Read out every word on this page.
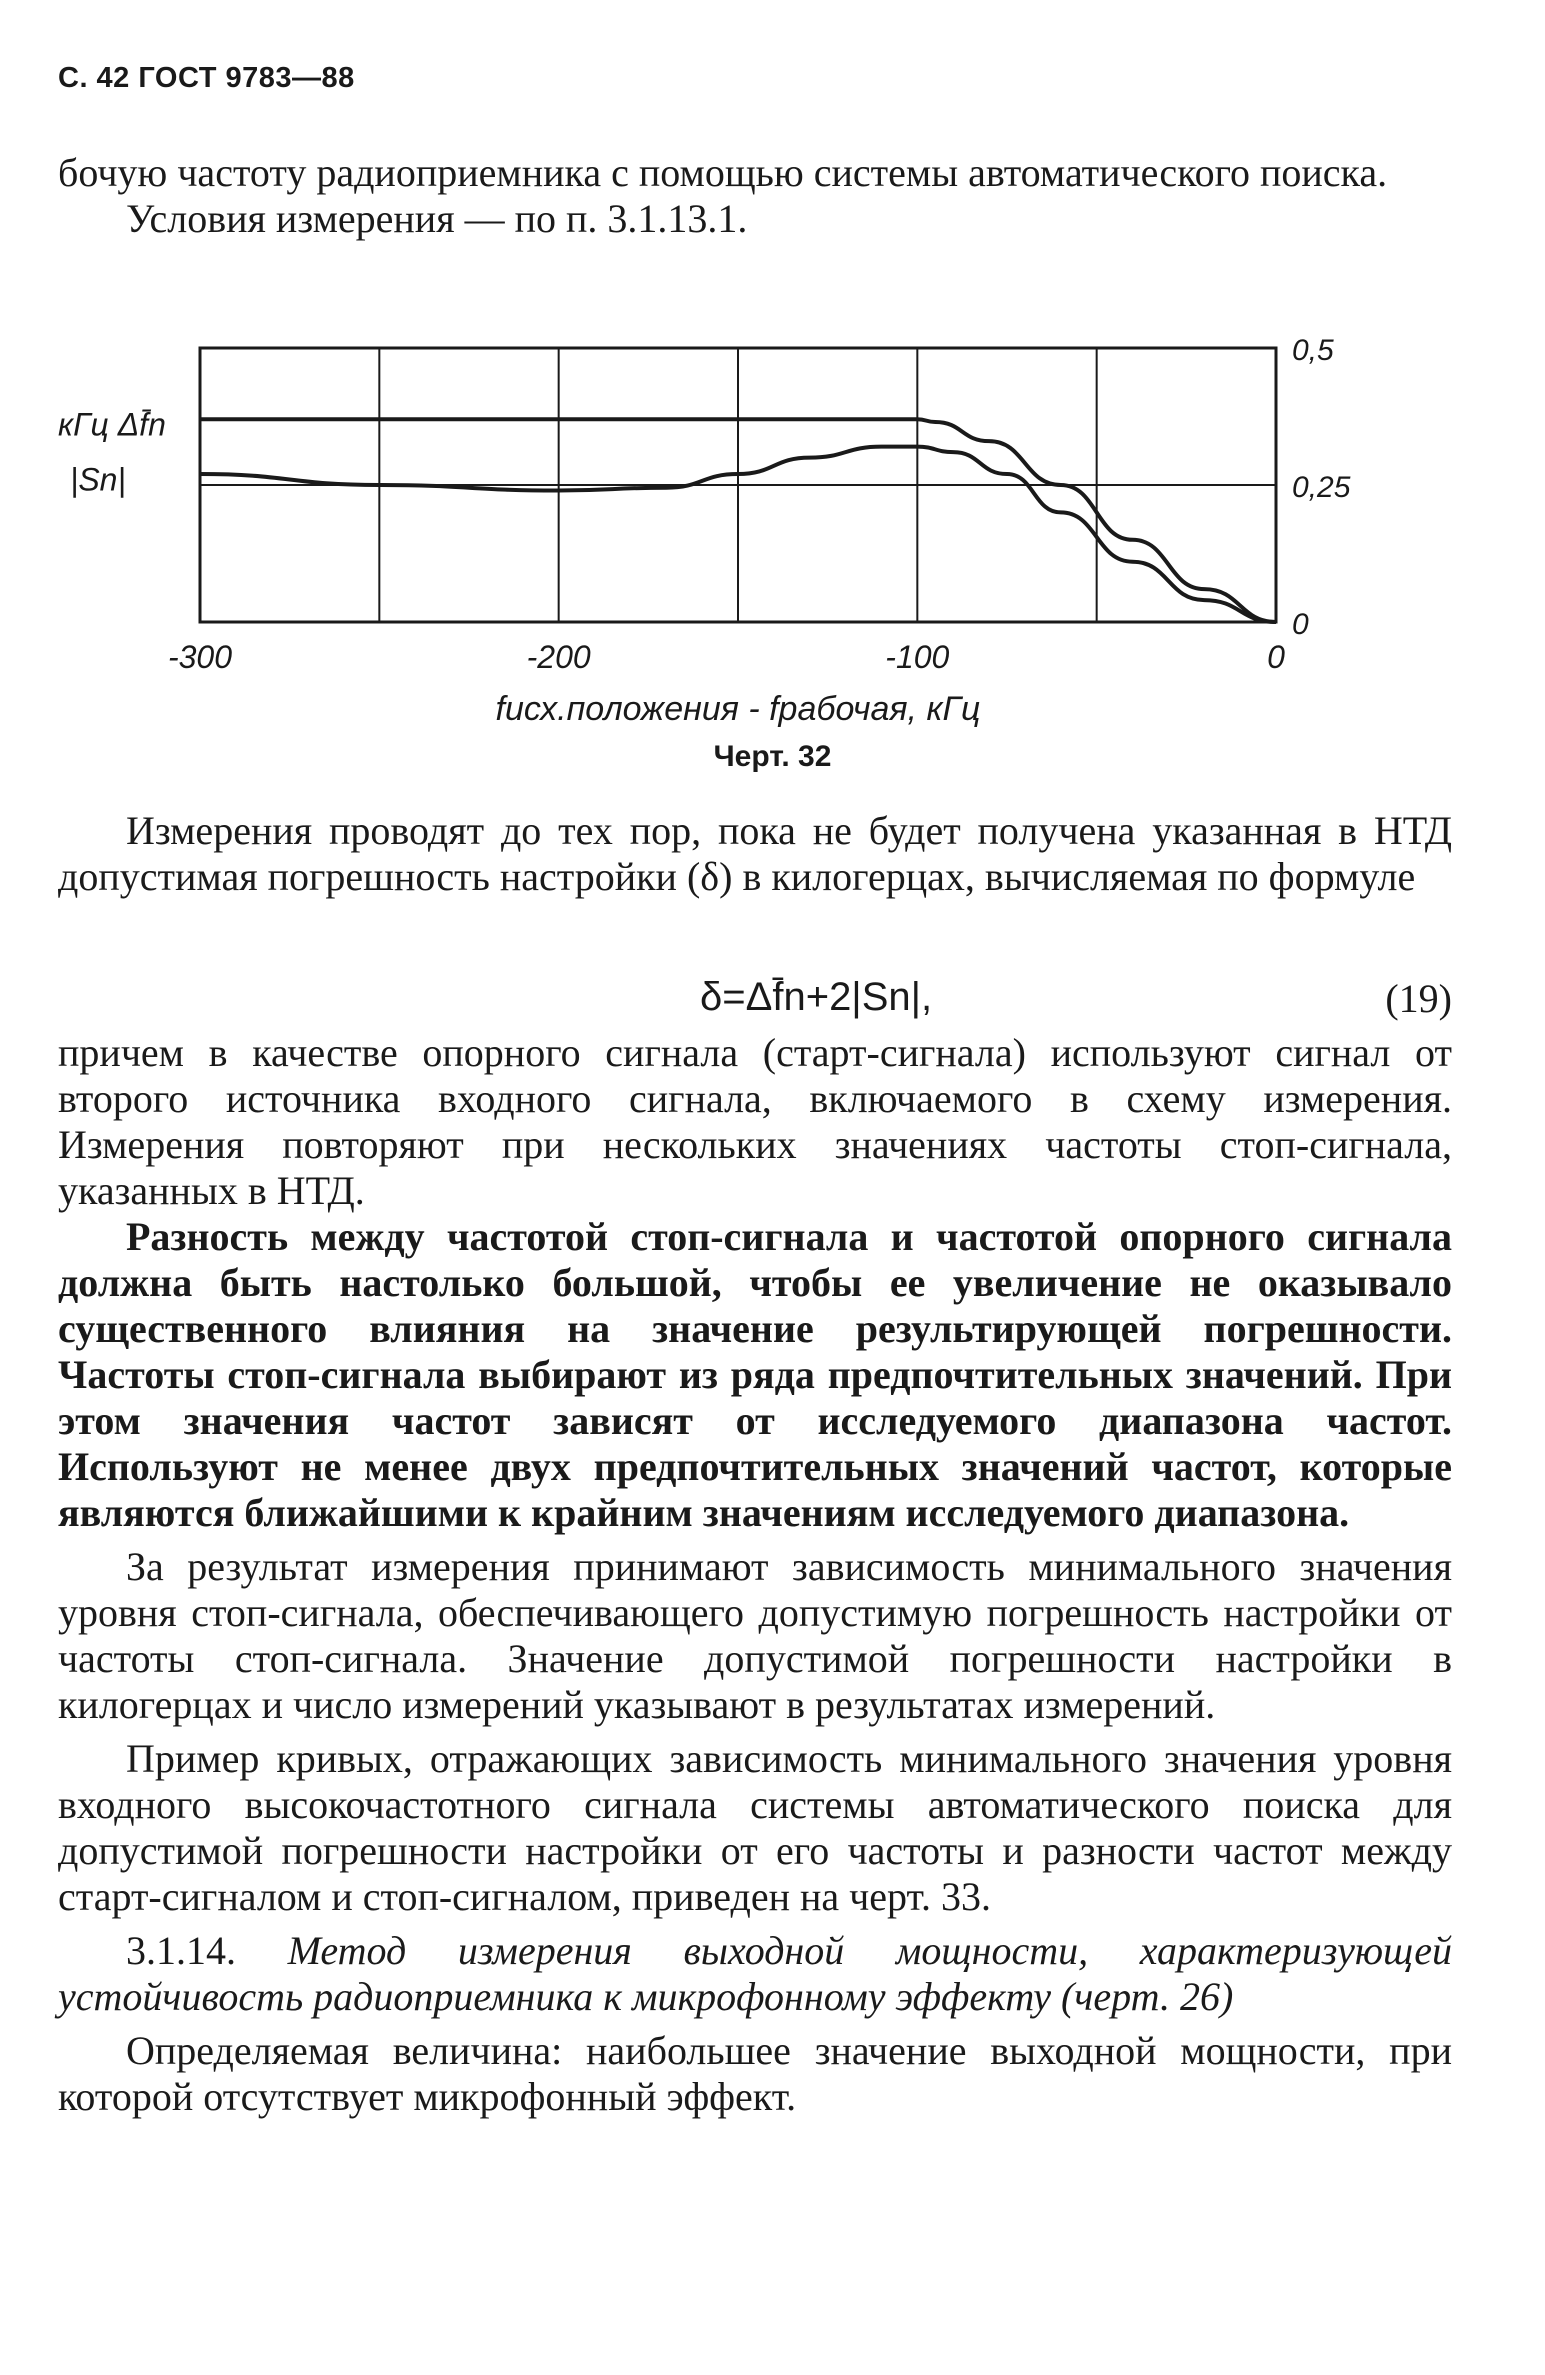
С. 42 ГОСТ 9783—88

бочую частоту радиоприемника с помощью системы автоматического поиска.

Условия измерения — по п. 3.1.13.1.

-300	-200	-100	0
0,5
0,25
0
кГц Δf̄n
|Sn|
fисх.положения - fрабочая, кГц
Черт. 32

Измерения проводят до тех пор, пока не будет получена указанная в НТД допустимая погрешность настройки (δ) в килогерцах, вычисляемая по формуле

δ=Δf̄n+2|Sn|,	(19)

причем в качестве опорного сигнала (старт-сигнала) используют сигнал от второго источника входного сигнала, включаемого в схему измерения. Измерения повторяют при нескольких значениях частоты стоп-сигнала, указанных в НТД.

Разность между частотой стоп-сигнала и частотой опорного сигнала должна быть настолько большой, чтобы ее увеличение не оказывало существенного влияния на значение результирующей погрешности. Частоты стоп-сигнала выбирают из ряда предпочтительных значений. При этом значения частот зависят от исследуемого диапазона частот. Используют не менее двух предпочтительных значений частот, которые являются ближайшими к крайним значениям исследуемого диапазона.

За результат измерения принимают зависимость минимального значения уровня стоп-сигнала, обеспечивающего допустимую погрешность настройки от частоты стоп-сигнала. Значение допустимой погрешности настройки в килогерцах и число измерений указывают в результатах измерений.

Пример кривых, отражающих зависимость минимального значения уровня входного высокочастотного сигнала системы автоматического поиска для допустимой погрешности настройки от его частоты и разности частот между старт-сигналом и стоп-сигналом, приведен на черт. 33.

3.1.14. Метод измерения выходной мощности, характеризующей устойчивость радиоприемника к микрофонному эффекту (черт. 26)

Определяемая величина: наибольшее значение выходной мощности, при которой отсутствует микрофонный эффект.
